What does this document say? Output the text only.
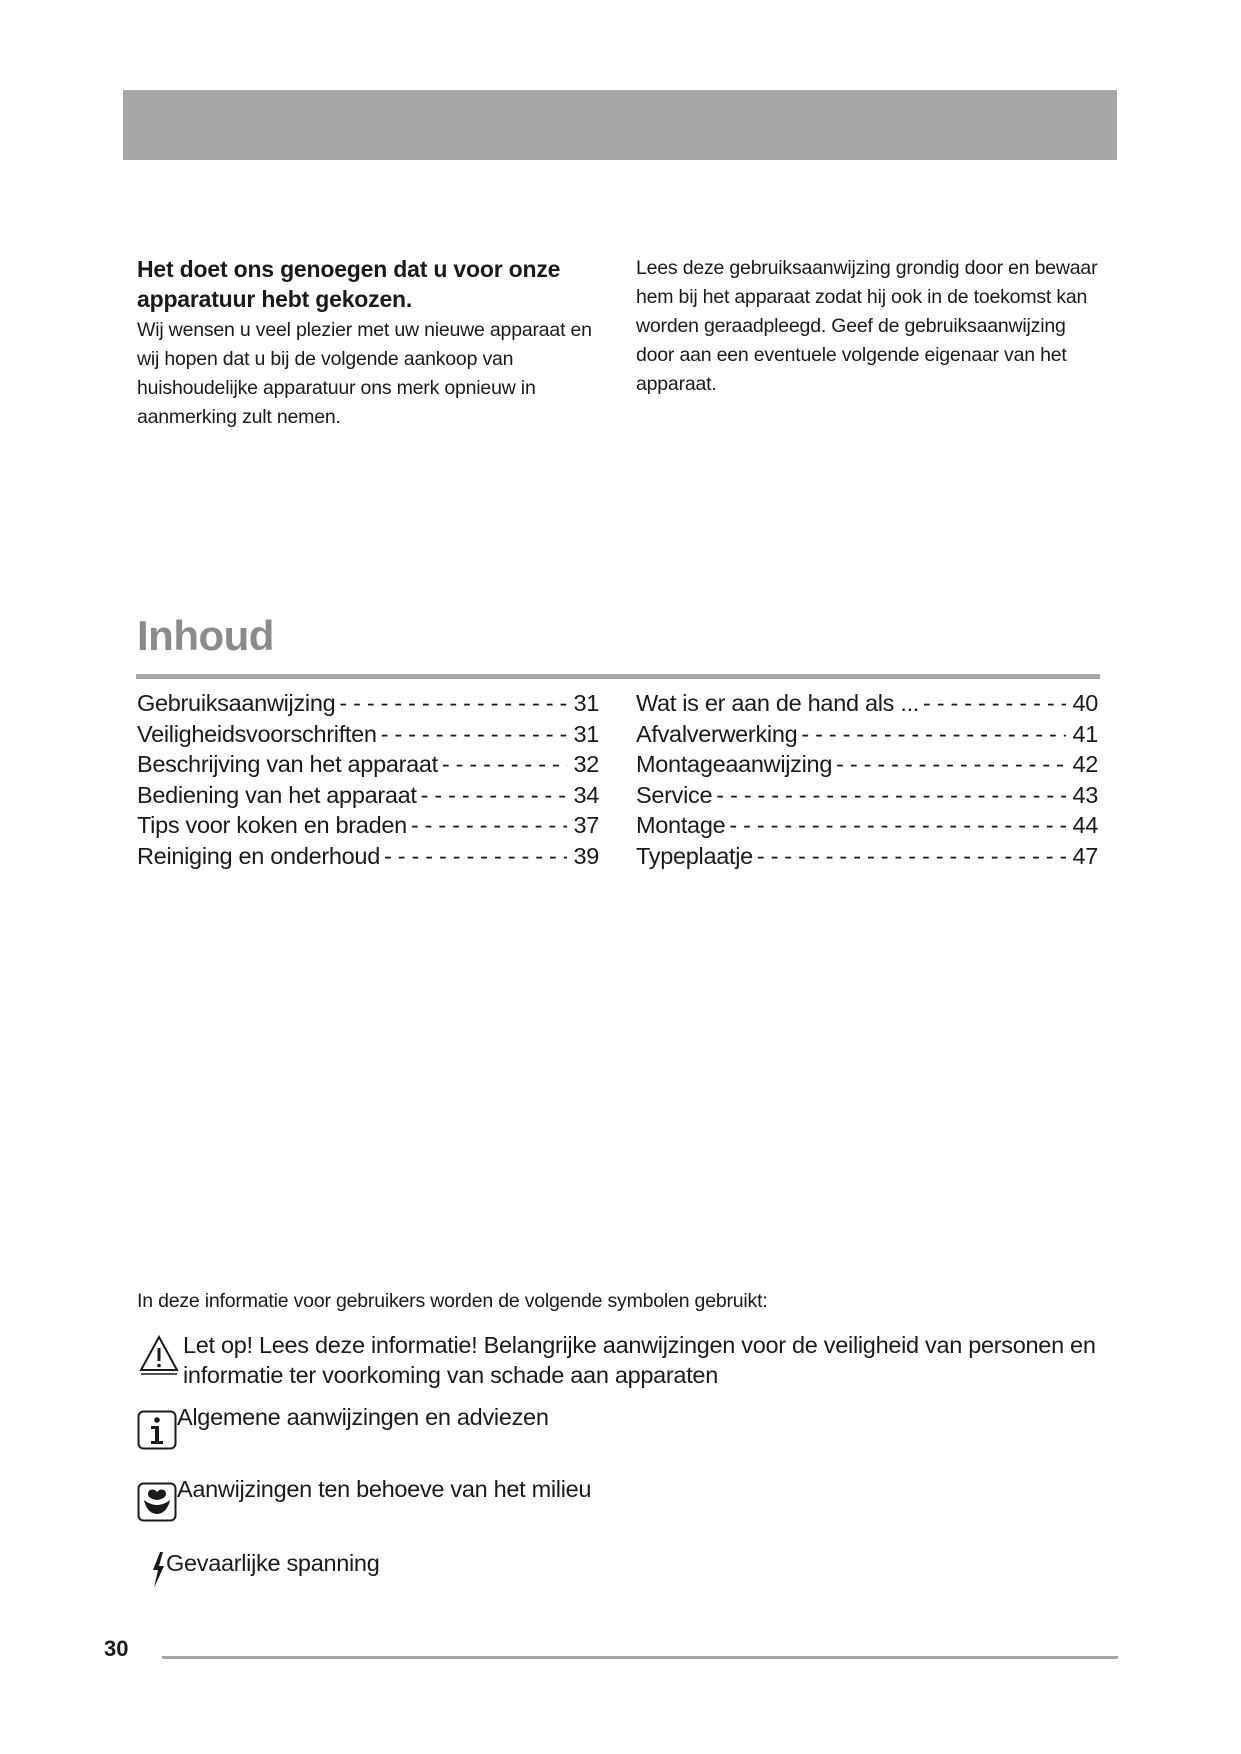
Het doet ons genoegen dat u voor onze apparatuur hebt gekozen.

Wij wensen u veel plezier met uw nieuwe apparaat en wij hopen dat u bij de volgende aankoop van huishoudelijke apparatuur ons merk opnieuw in aanmerking zult nemen.

Lees deze gebruiksaanwijzing grondig door en bewaar hem bij het apparaat zodat hij ook in de toekomst kan worden geraadpleegd. Geef de gebruiksaanwijzing door aan een eventuele volgende eigenaar van het apparaat.

Inhoud
Gebruiksaanwijzing - - -	31
Veiligheidsvoorschriften - - -	31
Beschrijving van het apparaat - - -	32
Bediening van het apparaat - - -	34
Tips voor koken en braden - - -	37
Reiniging en onderhoud - - -	39
Wat is er aan de hand als ... - - -	40
Afvalverwerking - - -	41
Montageaanwijzing - - -	42
Service - - -	43
Montage - - -	44
Typeplaatje - - -	47

In deze informatie voor gebruikers worden de volgende symbolen gebruikt:

Let op! Lees deze informatie! Belangrijke aanwijzingen voor de veiligheid van personen en informatie ter voorkoming van schade aan apparaten
Algemene aanwijzingen en adviezen
Aanwijzingen ten behoeve van het milieu
Gevaarlijke spanning

30
